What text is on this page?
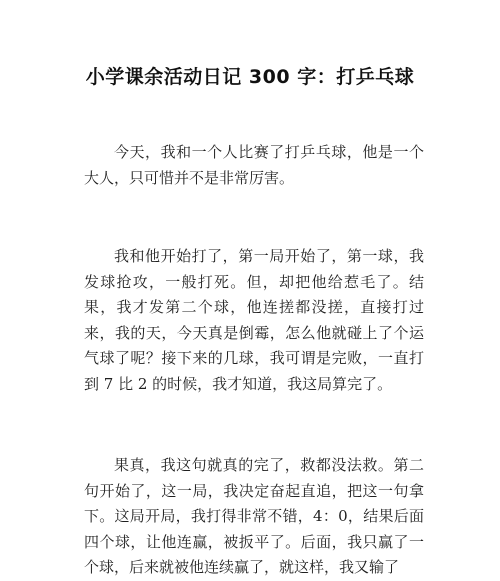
小学课余活动日记 300 字：打乒乓球

今天，我和一个人比赛了打乒乓球，他是一个大人，只可惜并不是非常厉害。

我和他开始打了，第一局开始了，第一球，我发球抢攻，一般打死。但，却把他给惹毛了。结果，我才发第二个球，他连搓都没搓，直接打过来，我的天，今天真是倒霉，怎么他就碰上了个运气球了呢？接下来的几球，我可谓是完败，一直打到 7 比 2 的时候，我才知道，我这局算完了。

果真，我这句就真的完了，救都没法救。第二句开始了，这一局，我决定奋起直追，把这一句拿下。这局开局，我打得非常不错，4：0，结果后面四个球，让他连赢，被扳平了。后面，我只赢了一个球，后来就被他连续赢了，就这样，我又输了
